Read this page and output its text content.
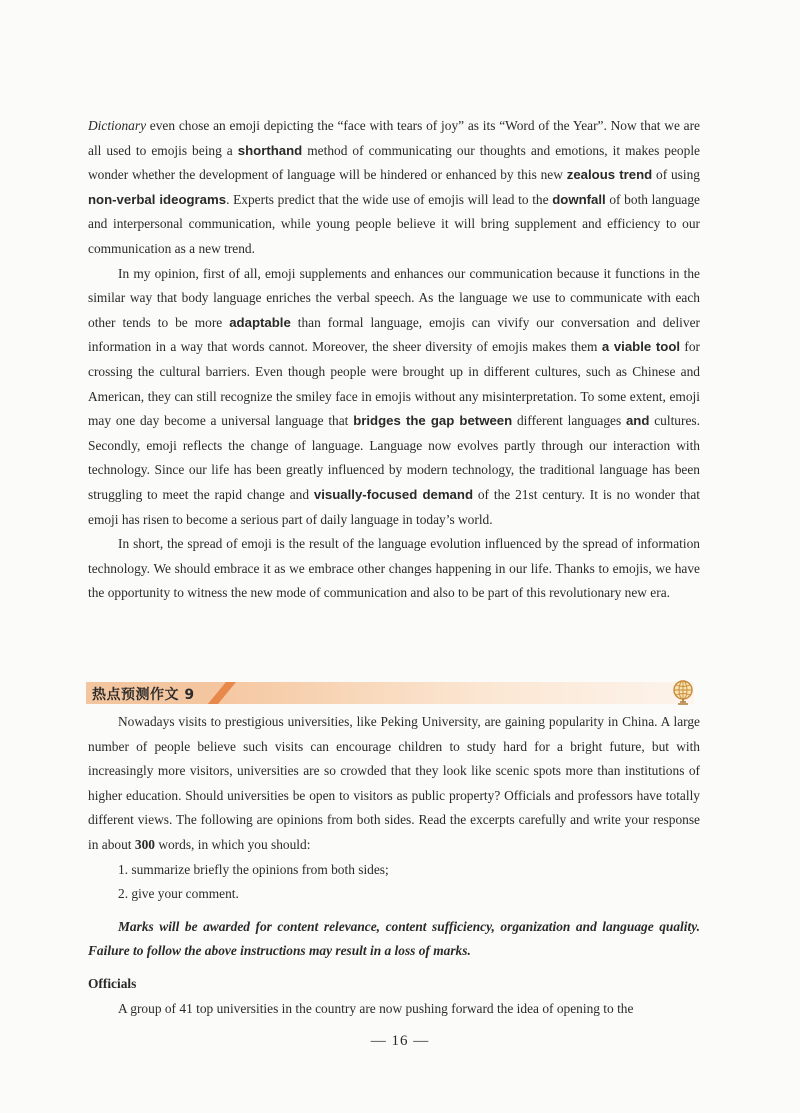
Dictionary even chose an emoji depicting the “face with tears of joy” as its “Word of the Year”. Now that we are all used to emojis being a shorthand method of communicating our thoughts and emotions, it makes people wonder whether the development of language will be hindered or enhanced by this new zealous trend of using non-verbal ideograms. Experts predict that the wide use of emojis will lead to the downfall of both language and interpersonal communication, while young people believe it will bring supplement and efficiency to our communication as a new trend.

In my opinion, first of all, emoji supplements and enhances our communication because it functions in the similar way that body language enriches the verbal speech. As the language we use to communicate with each other tends to be more adaptable than formal language, emojis can vivify our conversation and deliver information in a way that words cannot. Moreover, the sheer diversity of emojis makes them a viable tool for crossing the cultural barriers. Even though people were brought up in different cultures, such as Chinese and American, they can still recognize the smiley face in emojis without any misinterpretation. To some extent, emoji may one day become a universal language that bridges the gap between different languages and cultures. Secondly, emoji reflects the change of language. Language now evolves partly through our interaction with technology. Since our life has been greatly influenced by modern technology, the traditional language has been struggling to meet the rapid change and visually-focused demand of the 21st century. It is no wonder that emoji has risen to become a serious part of daily language in today’s world.

In short, the spread of emoji is the result of the language evolution influenced by the spread of information technology. We should embrace it as we embrace other changes happening in our life. Thanks to emojis, we have the opportunity to witness the new mode of communication and also to be part of this revolutionary new era.

热点预测作文 9

Nowadays visits to prestigious universities, like Peking University, are gaining popularity in China. A large number of people believe such visits can encourage children to study hard for a bright future, but with increasingly more visitors, universities are so crowded that they look like scenic spots more than institutions of higher education. Should universities be open to visitors as public property? Officials and professors have totally different views. The following are opinions from both sides. Read the excerpts carefully and write your response in about 300 words, in which you should:

1. summarize briefly the opinions from both sides;

2. give your comment.

Marks will be awarded for content relevance, content sufficiency, organization and language quality. Failure to follow the above instructions may result in a loss of marks.

Officials

A group of 41 top universities in the country are now pushing forward the idea of opening to the

— 16 —
